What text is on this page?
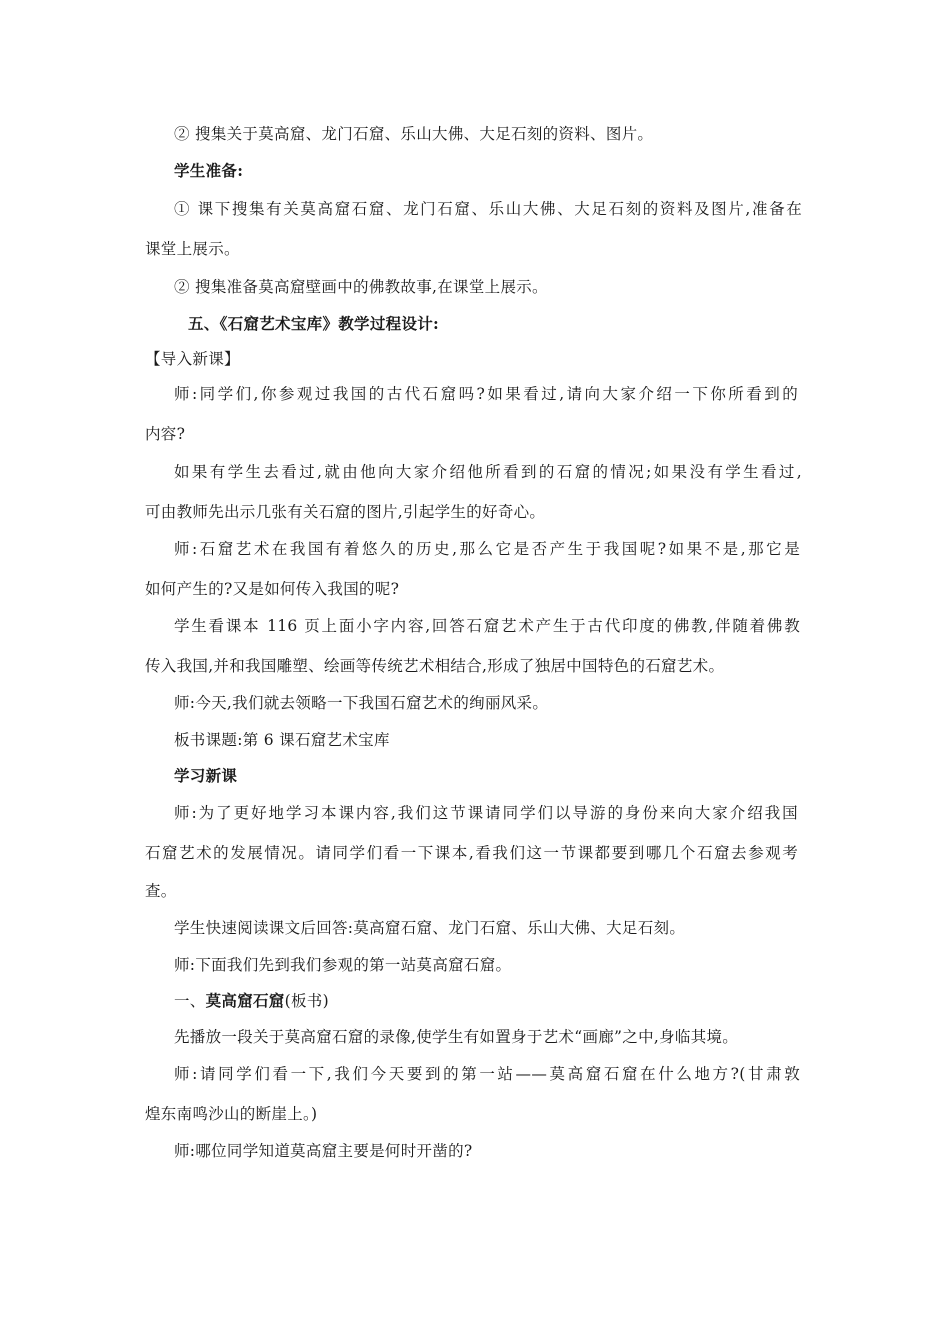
② 搜集关于莫高窟、龙门石窟、乐山大佛、大足石刻的资料、图片。
学生准备:
① 课下搜集有关莫高窟石窟、龙门石窟、乐山大佛、大足石刻的资料及图片,准备在
课堂上展示。
② 搜集准备莫高窟壁画中的佛教故事,在课堂上展示。
五、《石窟艺术宝库》教学过程设计:
【导入新课】
师:同学们,你参观过我国的古代石窟吗?如果看过,请向大家介绍一下你所看到的
内容?
如果有学生去看过,就由他向大家介绍他所看到的石窟的情况;如果没有学生看过,
可由教师先出示几张有关石窟的图片,引起学生的好奇心。
师:石窟艺术在我国有着悠久的历史,那么它是否产生于我国呢?如果不是,那它是
如何产生的?又是如何传入我国的呢?
学生看课本 116 页上面小字内容,回答石窟艺术产生于古代印度的佛教,伴随着佛教
传入我国,并和我国雕塑、绘画等传统艺术相结合,形成了独居中国特色的石窟艺术。
师:今天,我们就去领略一下我国石窟艺术的绚丽风采。
板书课题:第 6 课石窟艺术宝库
学习新课
师:为了更好地学习本课内容,我们这节课请同学们以导游的身份来向大家介绍我国
石窟艺术的发展情况。请同学们看一下课本,看我们这一节课都要到哪几个石窟去参观考
查。
学生快速阅读课文后回答:莫高窟石窟、龙门石窟、乐山大佛、大足石刻。
师:下面我们先到我们参观的第一站莫高窟石窟。
一、莫高窟石窟(板书)
先播放一段关于莫高窟石窟的录像,使学生有如置身于艺术“画廊”之中,身临其境。
师:请同学们看一下,我们今天要到的第一站——莫高窟石窟在什么地方?(甘肃敦
煌东南鸣沙山的断崖上。)
师:哪位同学知道莫高窟主要是何时开凿的?
